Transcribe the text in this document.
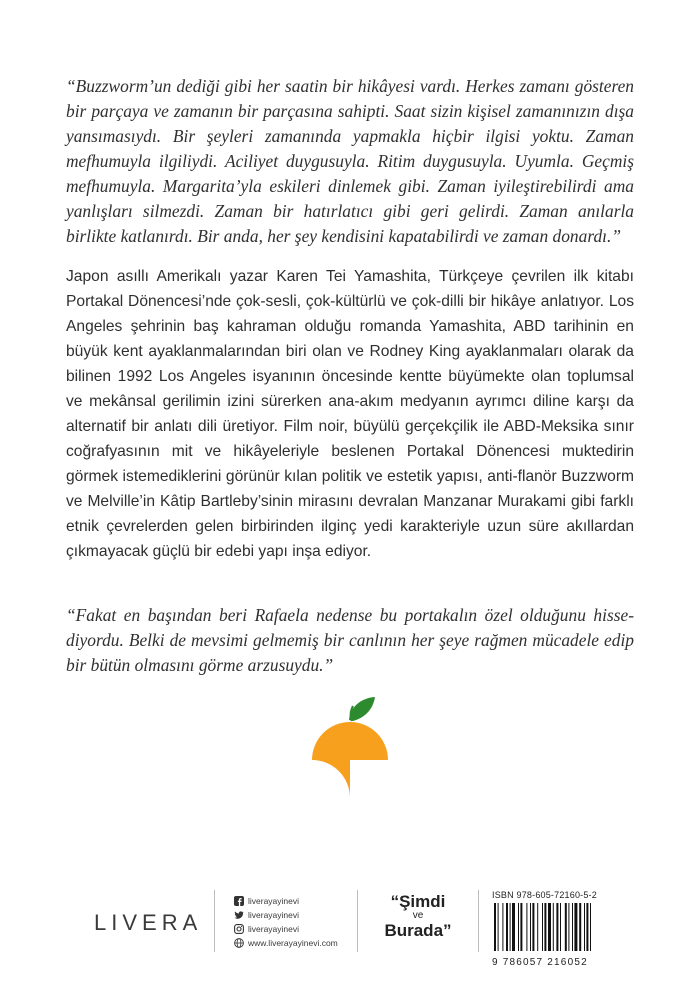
“Buzzworm’un dediği gibi her saatin bir hikâyesi vardı. Herkes zamanı gösteren bir parçaya ve zamanın bir parçasına sahipti. Saat sizin kişisel zamanınızın dışa yansımasıydı. Bir şeyleri zamanında yapmakla hiçbir ilgisi yoktu. Zaman mefhumuyla ilgiliydi. Aciliyet duygusuyla. Ritim duygusuyla. Uyumla. Geçmiş mefhumuyla. Margarita’yla eskileri dinlemek gibi. Zaman iyileştirebilirdi ama yanlışları silmezdi. Zaman bir hatırlatıcı gibi geri gelirdi. Zaman anılarla birlikte katlanırdı. Bir anda, her şey kendisini kapatabilirdi ve zaman donardı.”

Japon asıllı Amerikalı yazar Karen Tei Yamashita, Türkçeye çevrilen ilk kitabı Portakal Dönencesi’nde çok-sesli, çok-kültürlü ve çok-dilli bir hikâye anlatıyor. Los Angeles şehrinin baş kahraman olduğu romanda Yamashita, ABD tarihinin en büyük kent ayaklanmalarından biri olan ve Rodney King ayaklanmaları olarak da bilinen 1992 Los Angeles isyanının öncesinde kentte büyümekte olan toplumsal ve mekânsal gerilimin izini sürerken ana-akım medyanın ayrımcı diline karşı da alternatif bir anlatı dili üretiyor. Film noir, büyülü gerçekçilik ile ABD-Meksika sınır coğrafyasının mit ve hikâyeleriyle beslenen Portakal Dönencesi muktedirin görmek istemediklerini görünür kılan politik ve estetik yapısı, anti-flanör Buzzworm ve Melville’in Kâtip Bartleby’sinin mirasını devralan Manzanar Murakami gibi farklı etnik çevrelerden gelen birbirinden ilginç yedi karakteriyle uzun süre akıllardan çıkmayacak güçlü bir edebi yapı inşa ediyor.

“Fakat en başından beri Rafaela nedense bu portakalın özel olduğunu hissediyordu. Belki de mevsimi gelmemiş bir canlının her şeye rağmen mücadele edip bir bütün olmasını görme arzusuydu.”

LIVERA
liverayayinevi
liverayayinevi
liverayayinevi
www.liverayayinevi.com
“Şimdi
ve
Burada”
ISBN 978-605-72160-5-2
9 786057 216052
